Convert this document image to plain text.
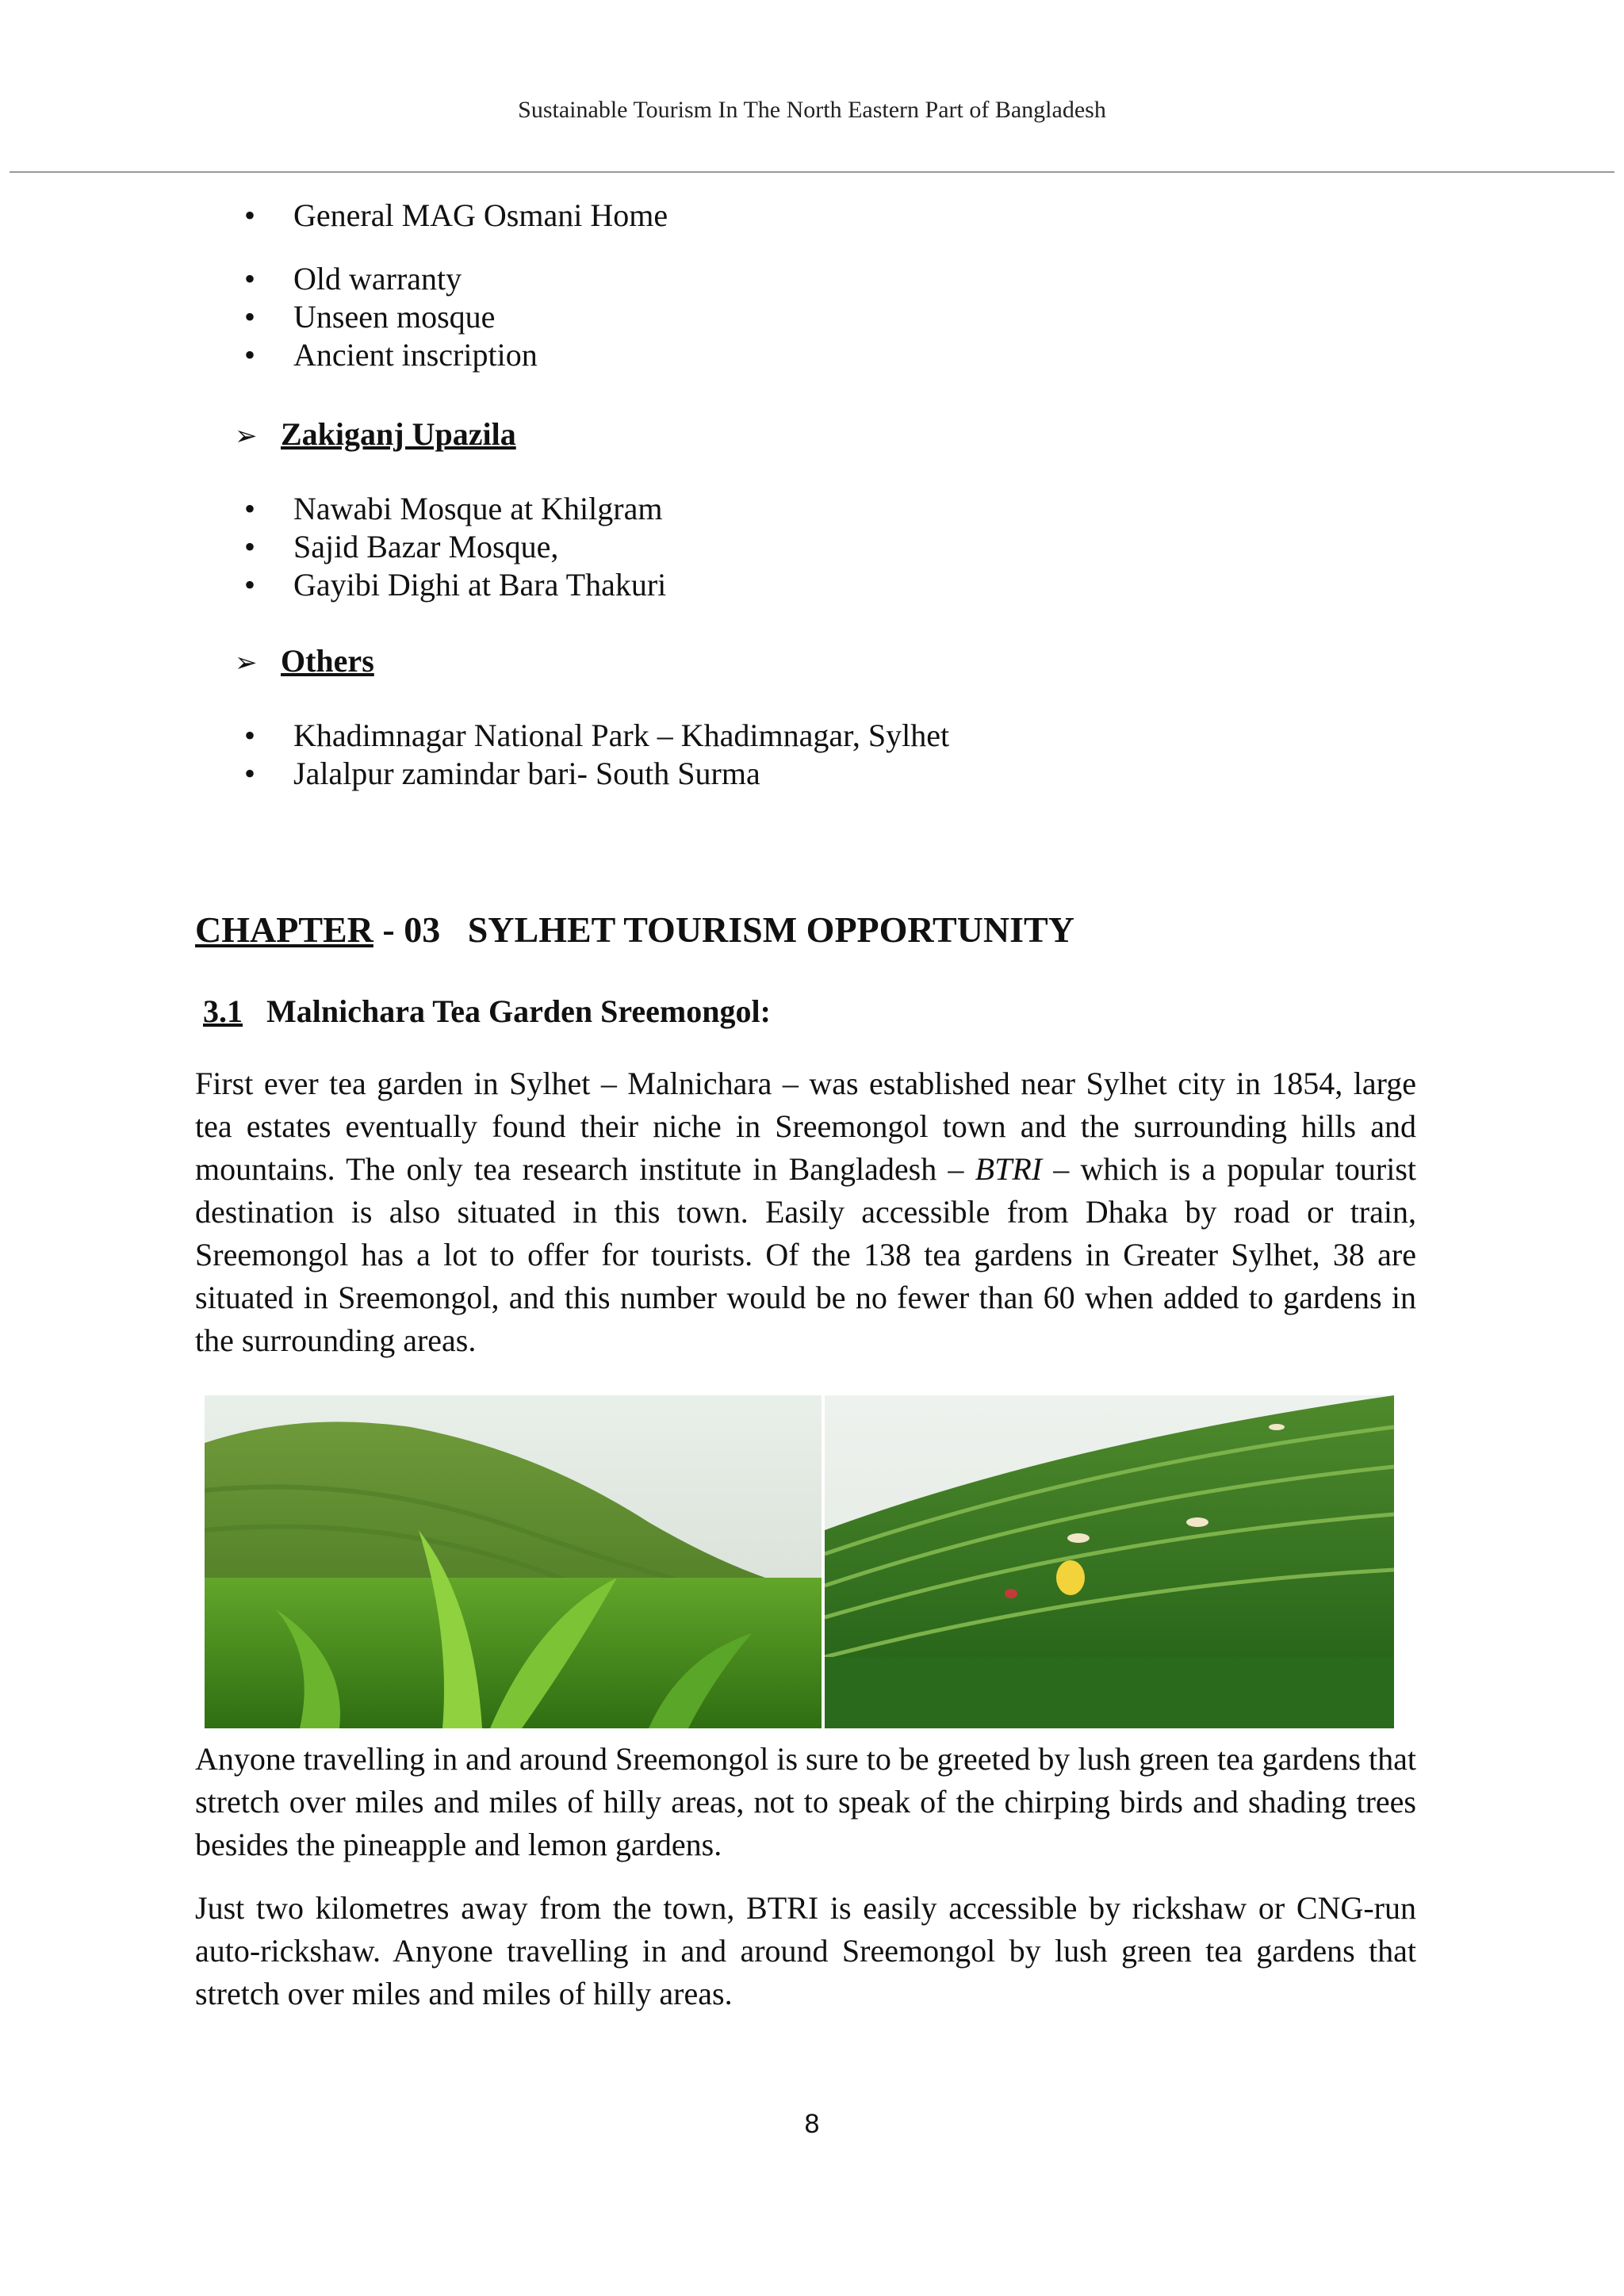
Sustainable Tourism In The North Eastern Part of Bangladesh
• General MAG Osmani Home
• Old warranty
• Unseen mosque
• Ancient inscription
➢ Zakiganj Upazila
• Nawabi Mosque at Khilgram
• Sajid Bazar Mosque,
• Gayibi Dighi at Bara Thakuri
➢ Others
• Khadimnagar National Park – Khadimnagar, Sylhet
• Jalalpur zamindar bari- South Surma
CHAPTER - 03   SYLHET TOURISM OPPORTUNITY
3.1   Malnichara Tea Garden Sreemongol:

First ever tea garden in Sylhet – Malnichara – was established near Sylhet city in 1854, large tea estates eventually found their niche in Sreemongol town and the surrounding hills and mountains. The only tea research institute in Bangladesh – BTRI – which is a popular tourist destination is also situated in this town. Easily accessible from Dhaka by road or train, Sreemongol has a lot to offer for tourists. Of the 138 tea gardens in Greater Sylhet, 38 are situated in Sreemongol, and this number would be no fewer than 60 when added to gardens in the surrounding areas.

Anyone travelling in and around Sreemongol is sure to be greeted by lush green tea gardens that stretch over miles and miles of hilly areas, not to speak of the chirping birds and shading trees besides the pineapple and lemon gardens.

Just two kilometres away from the town, BTRI is easily accessible by rickshaw or CNG-run auto-rickshaw. Anyone travelling in and around Sreemongol by lush green tea gardens that stretch over miles and miles of hilly areas.

8
